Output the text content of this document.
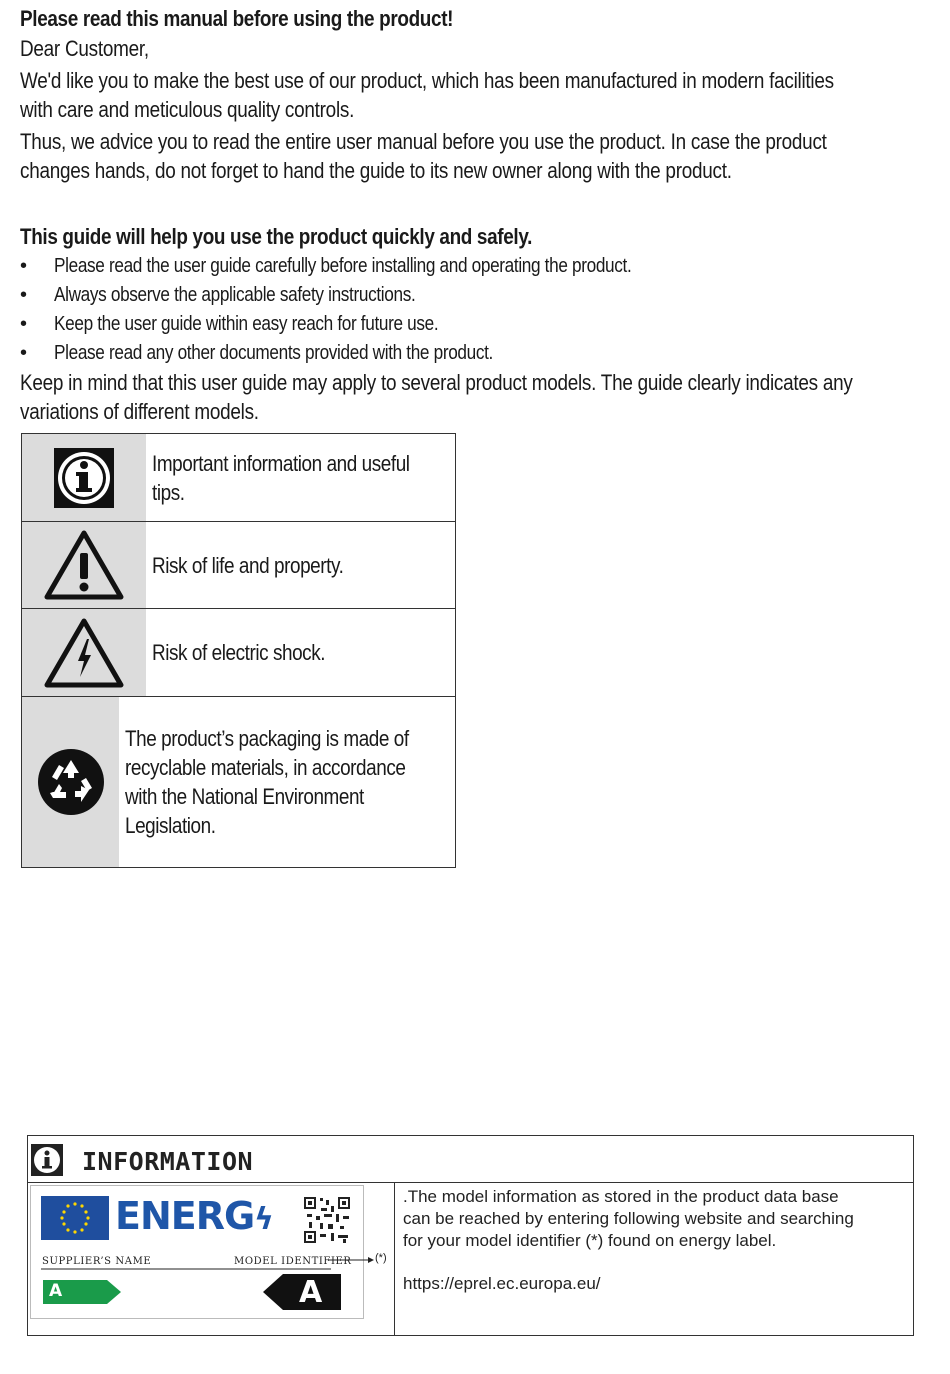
Please read this manual before using the product!
Dear Customer,
We'd like you to make the best use of our product, which has been manufactured in modern facilities
with care and meticulous quality controls.
Thus, we advice you to read the entire user manual before you use the product. In case the product
changes hands, do not forget to hand the guide to its new owner along with the product.
This guide will help you use the product quickly and safely.
• Please read the user guide carefully before installing and operating the product.
• Always observe the applicable safety instructions.
• Keep the user guide within easy reach for future use.
• Please read any other documents provided with the product.
Keep in mind that this user guide may apply to several product models. The guide clearly indicates any
variations of different models.
Important information and useful
tips.
Risk of life and property.
Risk of electric shock.
The product’s packaging is made of
recyclable materials, in accordance
with the National Environment
Legislation.
INFORMATION
ENERGϟ
SUPPLIER’S NAME	MODEL IDENTIFIER
A	A
(*)
.The model information as stored in the product data base
can be reached by entering following website and searching
for your model identifier (*) found on energy label.
https://eprel.ec.europa.eu/
